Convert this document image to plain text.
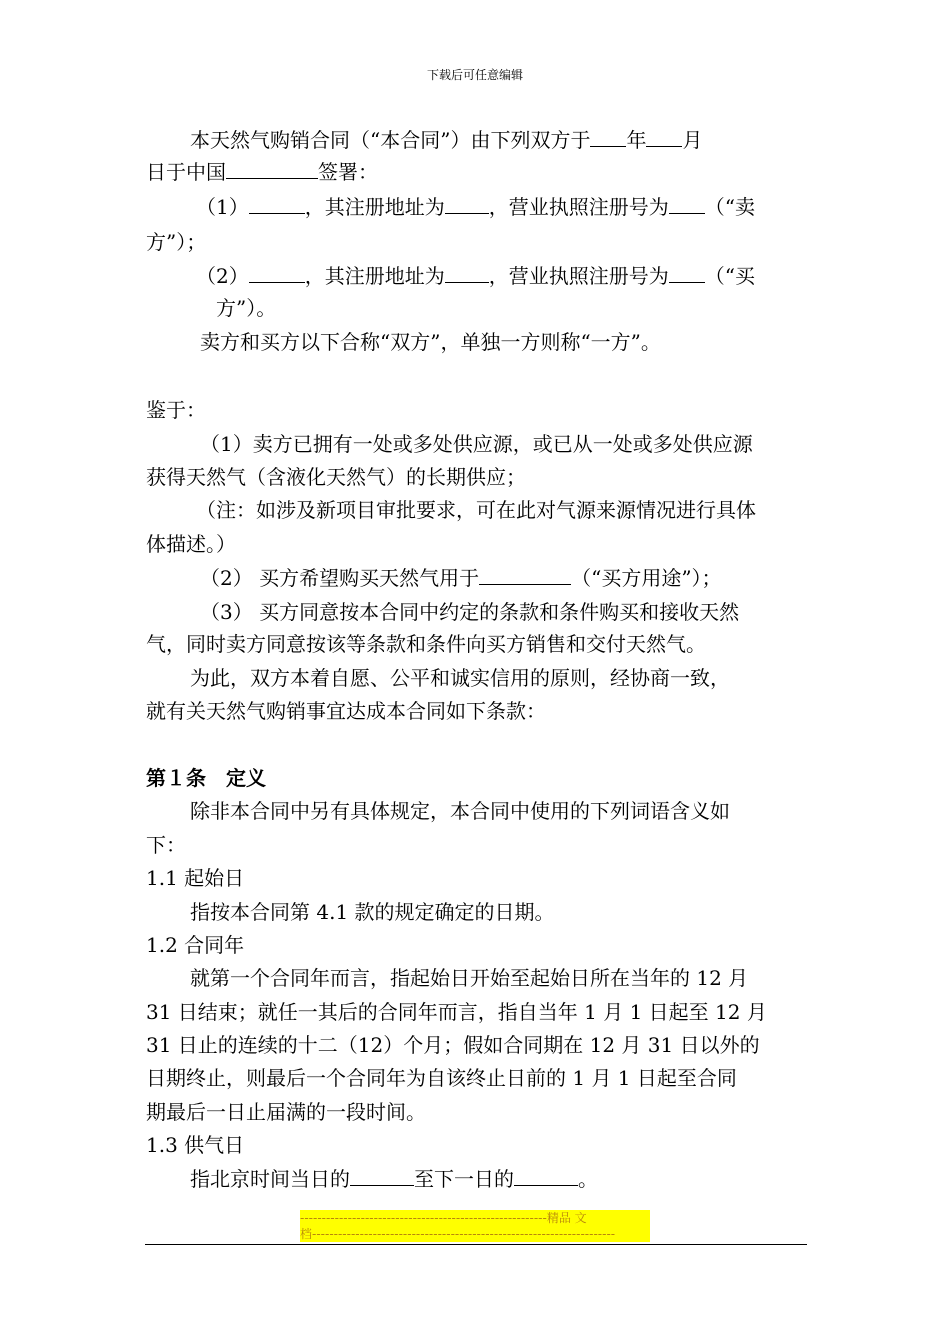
下载后可任意编辑
本天然气购销合同（“本合同”）由下列双方于 年 月
日于中国	签署：
（1）	，其注册地址为 ，营业执照注册号为 （“卖
方”）；
（2）	，其注册地址为 ，营业执照注册号为 （“买
方”）。
卖方和买方以下合称“双方”，单独一方则称“一方”。
鉴于：
（1）卖方已拥有一处或多处供应源，或已从一处或多处供应源
获得天然气（含液化天然气）的长期供应；
（注：如涉及新项目审批要求，可在此对气源来源情况进行具体
体描述。）
（2） 买方希望购买天然气用于	（“买方用途”）；
（3） 买方同意按本合同中约定的条款和条件购买和接收天然
气，同时卖方同意按该等条款和条件向买方销售和交付天然气。
为此，双方本着自愿、公平和诚实信用的原则，经协商一致，
就有关天然气购销事宜达成本合同如下条款：
第１条　定义
除非本合同中另有具体规定，本合同中使用的下列词语含义如
下：
1.1 起始日
指按本合同第 4.1 款的规定确定的日期。
1.2 合同年
就第一个合同年而言，指起始日开始至起始日所在当年的 12 月
31 日结束；就任一其后的合同年而言，指自当年 1 月 1 日起至 12 月
31 日止的连续的十二（12）个月；假如合同期在 12 月 31 日以外的
日期终止，则最后一个合同年为自该终止日前的 1 月 1 日起至合同
期最后一日止届满的一段时间。
1.3 供气日
指北京时间当日的	至下一日的	。
---------------------------------------------------------精品 文
档----------------------------------------------------------------------
